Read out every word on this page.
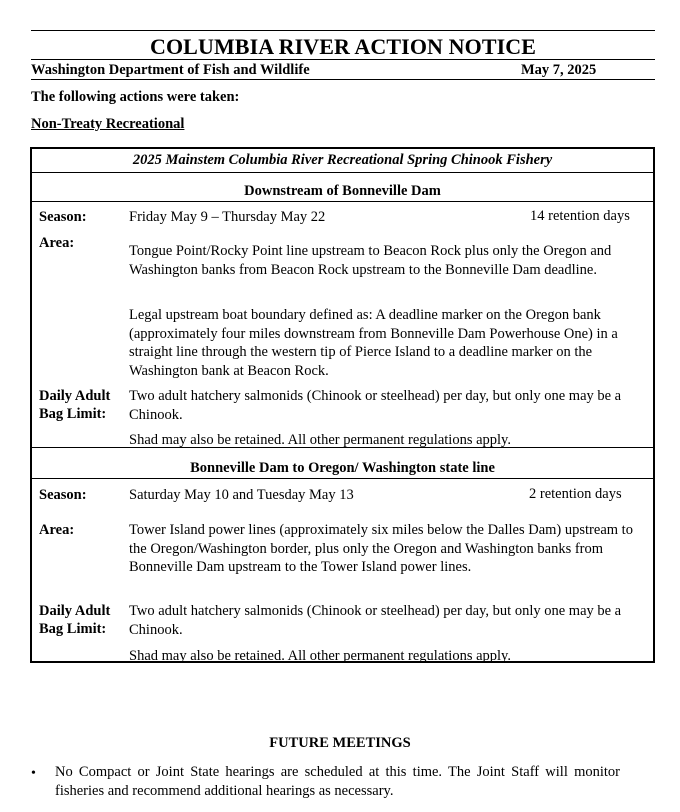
COLUMBIA RIVER ACTION NOTICE
Washington Department of Fish and Wildlife	May 7, 2025
The following actions were taken:
Non-Treaty Recreational
2025 Mainstem Columbia River Recreational Spring Chinook Fishery
Downstream of Bonneville Dam
Season:	Friday May 9 – Thursday May 22	14 retention days
Area:	Tongue Point/Rocky Point line upstream to Beacon Rock plus only the Oregon and Washington banks from Beacon Rock upstream to the Bonneville Dam deadline.
Legal upstream boat boundary defined as: A deadline marker on the Oregon bank (approximately four miles downstream from Bonneville Dam Powerhouse One) in a straight line through the western tip of Pierce Island to a deadline marker on the Washington bank at Beacon Rock.
Daily Adult
Bag Limit:
Two adult hatchery salmonids (Chinook or steelhead) per day, but only one may be a Chinook.
Shad may also be retained. All other permanent regulations apply.
Bonneville Dam to Oregon/ Washington state line
Season:	Saturday May 10 and Tuesday May 13	2 retention days
Area:	Tower Island power lines (approximately six miles below the Dalles Dam) upstream to the Oregon/Washington border, plus only the Oregon and Washington banks from Bonneville Dam upstream to the Tower Island power lines.
Daily Adult
Bag Limit:
Two adult hatchery salmonids (Chinook or steelhead) per day, but only one may be a Chinook.
Shad may also be retained. All other permanent regulations apply.
FUTURE MEETINGS
• No Compact or Joint State hearings are scheduled at this time. The Joint Staff will monitor fisheries and recommend additional hearings as necessary.
